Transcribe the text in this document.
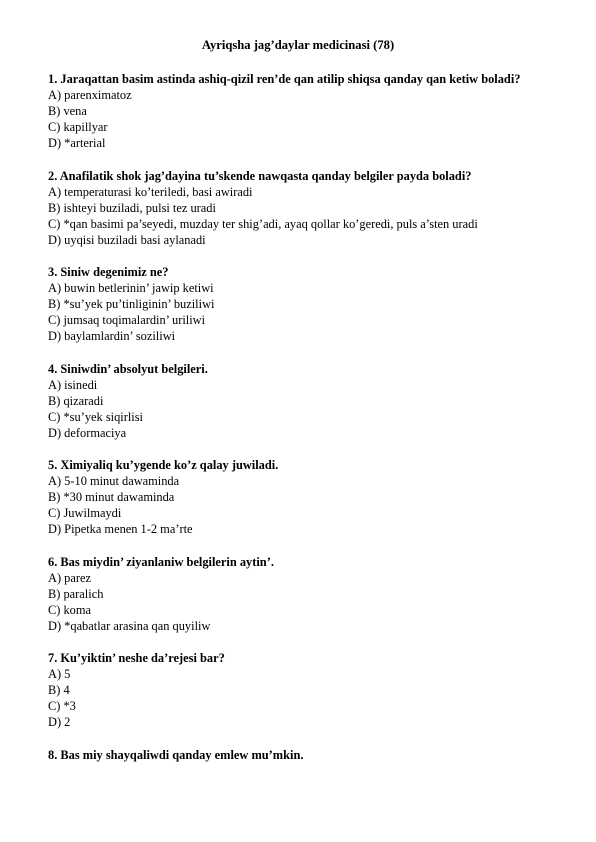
Ayriqsha jag’daylar medicinasi (78)

1. Jaraqattan basim astinda ashiq-qizil ren’de qan atilip shiqsa qanday qan ketiw boladi?

A) parenximatoz

B) vena

C) kapillyar

D) *arterial

2. Anafilatik shok jag’dayina tu’skende nawqasta qanday belgiler payda boladi?

A) temperaturasi ko’teriledi, basi awiradi

B) ishteyi buziladi, pulsi tez uradi

C) *qan basimi pa’seyedi, muzday ter shig’adi, ayaq qollar ko’geredi, puls a’sten uradi

D) uyqisi buziladi basi aylanadi

3. Siniw degenimiz ne?

A) buwin betlerinin’ jawip ketiwi

B) *su’yek pu’tinliginin’ buziliwi

C) jumsaq toqimalardin’ uriliwi

D) baylamlardin’ soziliwi

4. Siniwdin’ absolyut belgileri.

A) isinedi

B) qizaradi

C) *su’yek siqirlisi

D) deformaciya

5. Ximiyaliq ku’ygende ko’z qalay juwiladi.

A) 5-10 minut dawaminda

B) *30 minut dawaminda

C) Juwilmaydi

D) Pipetka menen 1-2 ma’rte

6. Bas miydin’ ziyanlaniw belgilerin aytin’.

A) parez

B) paralich

C) koma

D) *qabatlar arasina qan quyiliw

7. Ku’yiktin’ neshe da’rejesi bar?

A) 5

B) 4

C) *3

D) 2

8. Bas miy shayqaliwdi qanday emlew mu’mkin.
